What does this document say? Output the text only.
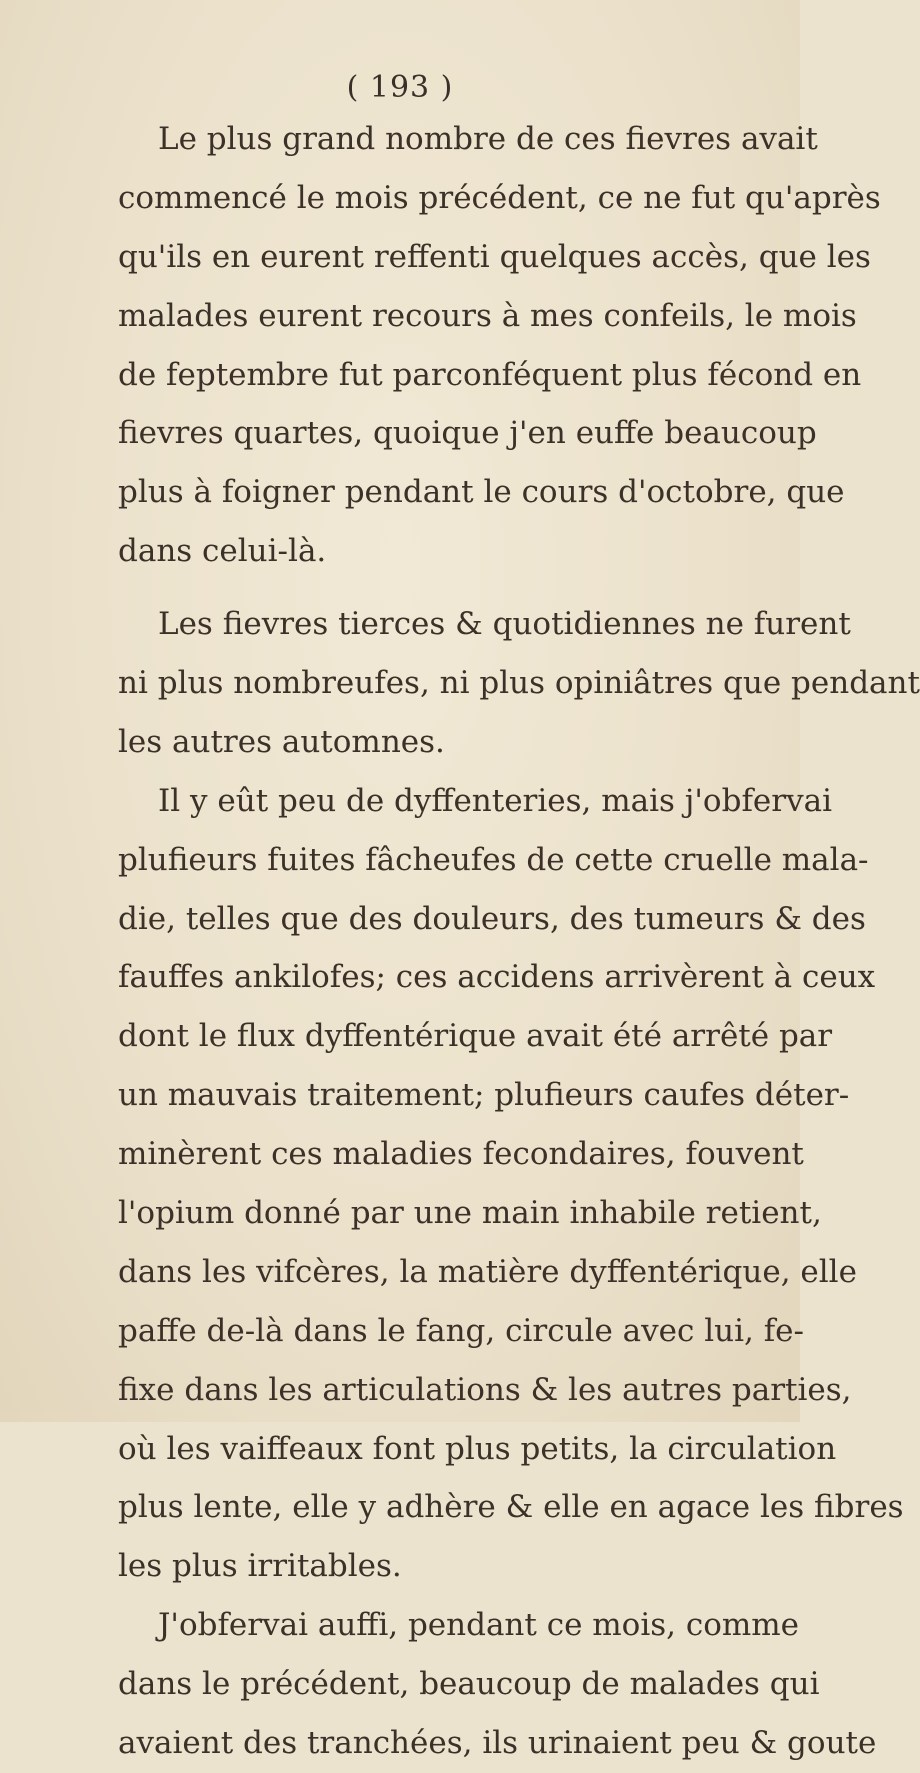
( 193 )
Le plus grand nombre de ces fievres avait
commencé le mois précédent, ce ne fut qu'après
qu'ils en eurent reffenti quelques accès, que les
malades eurent recours à mes confeils, le mois
de feptembre fut parconféquent plus fécond en
fievres quartes, quoique j'en euffe beaucoup
plus à foigner pendant le cours d'octobre, que
dans celui-là.
Les fievres tierces & quotidiennes ne furent
ni plus nombreufes, ni plus opiniâtres que pendant
les autres automnes.
Il y eût peu de dyffenteries, mais j'obfervai
plufieurs fuites fâcheufes de cette cruelle mala-
die, telles que des douleurs, des tumeurs & des
fauffes ankilofes; ces accidens arrivèrent à ceux
dont le flux dyffentérique avait été arrêté par
un mauvais traitement; plufieurs caufes déter-
minèrent ces maladies fecondaires, fouvent
l'opium donné par une main inhabile retient,
dans les vifcères, la matière dyffentérique, elle
paffe de-là dans le fang, circule avec lui, fe-
fixe dans les articulations & les autres parties,
où les vaiffeaux font plus petits, la circulation
plus lente, elle y adhère & elle en agace les fibres
les plus irritables.
J'obfervai auffi, pendant ce mois, comme
dans le précédent, beaucoup de malades qui
avaient des tranchées, ils urinaient peu & goute
